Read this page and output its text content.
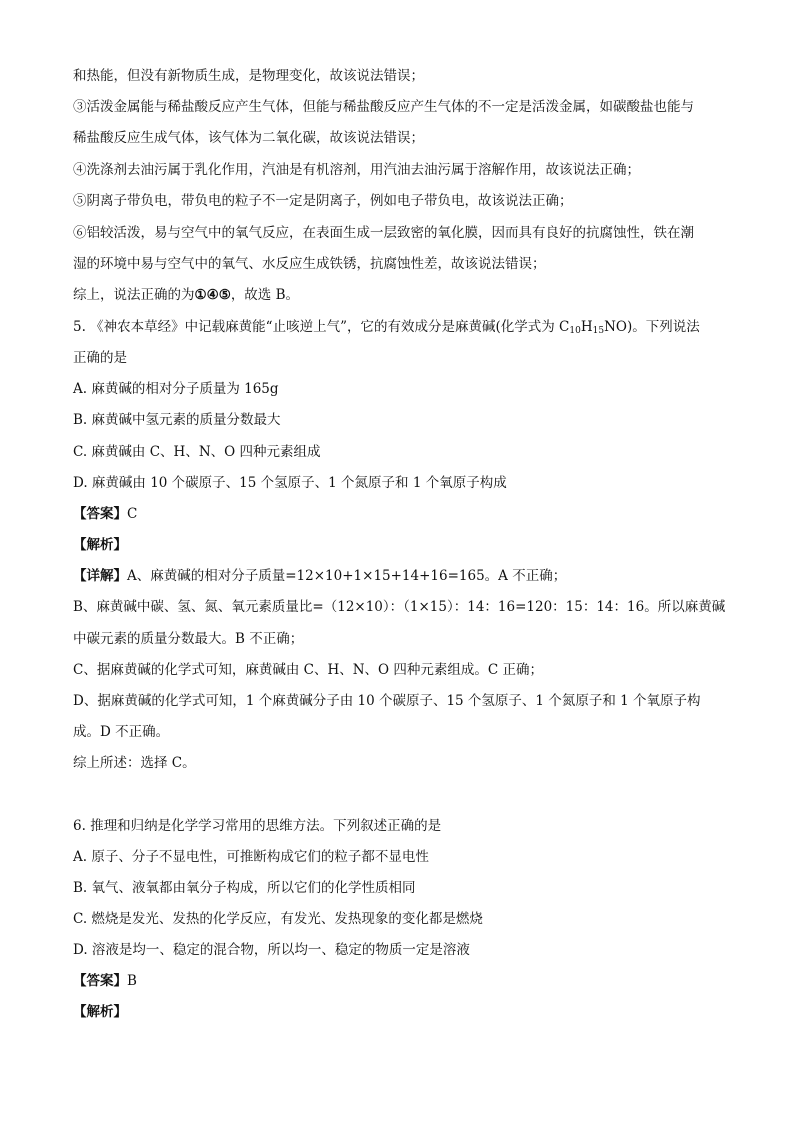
和热能，但没有新物质生成，是物理变化，故该说法错误；
③活泼金属能与稀盐酸反应产生气体，但能与稀盐酸反应产生气体的不一定是活泼金属，如碳酸盐也能与
稀盐酸反应生成气体，该气体为二氧化碳，故该说法错误；
④洗涤剂去油污属于乳化作用，汽油是有机溶剂，用汽油去油污属于溶解作用，故该说法正确；
⑤阴离子带负电，带负电的粒子不一定是阴离子，例如电子带负电，故该说法正确；
⑥铝较活泼，易与空气中的氧气反应，在表面生成一层致密的氧化膜，因而具有良好的抗腐蚀性，铁在潮
湿的环境中易与空气中的氧气、水反应生成铁锈，抗腐蚀性差，故该说法错误；
综上，说法正确的为①④⑤，故选 B。
5. 《神农本草经》中记载麻黄能“止咳逆上气”，它的有效成分是麻黄碱(化学式为 $C_{10}H_{15}NO$)。下列说法
正确的是
A. 麻黄碱的相对分子质量为 165g
B. 麻黄碱中氢元素的质量分数最大
C. 麻黄碱由 C、H、N、O 四种元素组成
D. 麻黄碱由 10 个碳原子、15 个氢原子、1 个氮原子和 1 个氧原子构成
【答案】C
【解析】
【详解】A、麻黄碱的相对分子质量=12×10+1×15+14+16=165。A 不正确；
B、麻黄碱中碳、氢、氮、氧元素质量比=（12×10）：（1×15）：14：16=120：15：14：16。所以麻黄碱
中碳元素的质量分数最大。B 不正确；
C、据麻黄碱的化学式可知，麻黄碱由 C、H、N、O 四种元素组成。C 正确；
D、据麻黄碱的化学式可知，1 个麻黄碱分子由 10 个碳原子、15 个氢原子、1 个氮原子和 1 个氧原子构
成。D 不正确。
综上所述：选择 C。
6. 推理和归纳是化学学习常用的思维方法。下列叙述正确的是
A. 原子、分子不显电性，可推断构成它们的粒子都不显电性
B. 氧气、液氧都由氧分子构成，所以它们的化学性质相同
C. 燃烧是发光、发热的化学反应，有发光、发热现象的变化都是燃烧
D. 溶液是均一、稳定的混合物，所以均一、稳定的物质一定是溶液
【答案】B
【解析】
